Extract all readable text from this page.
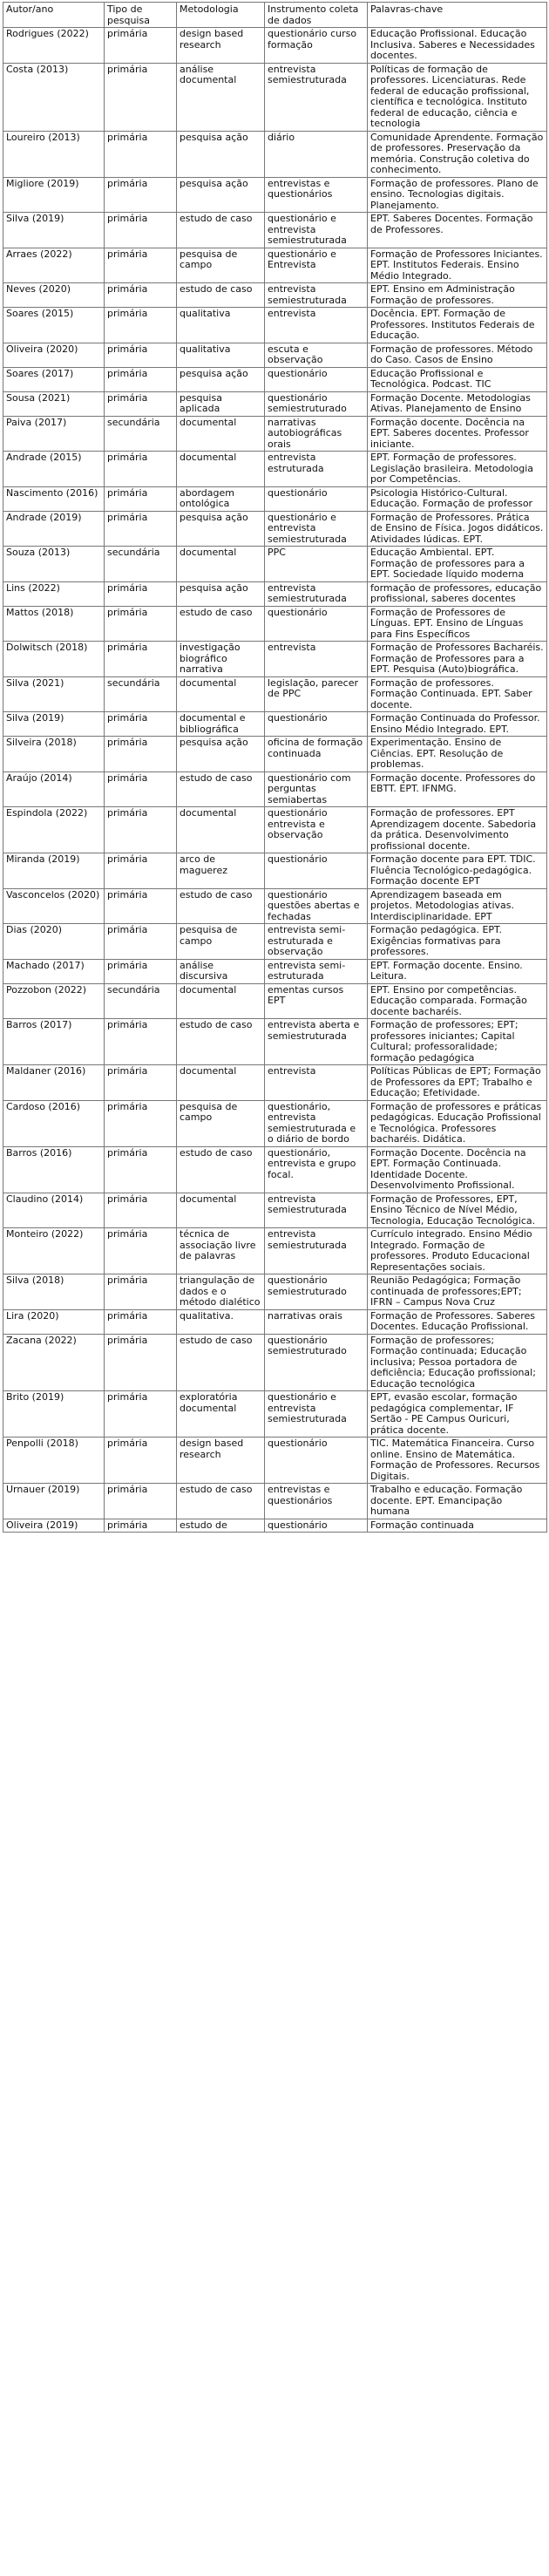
Autor/ano	Tipo de pesquisa	Metodologia	Instrumento coleta de dados	Palavras-chave
Rodrigues (2022)	primária	design based research	questionário curso formação	Educação Profissional. Educação Inclusiva. Saberes e Necessidades docentes.
Costa (2013)	primária	análise documental	entrevista semiestruturada	Políticas de formação de professores. Licenciaturas. Rede federal de educação profissional, científica e tecnológica. Instituto federal de educação, ciência e tecnologia
Loureiro (2013)	primária	pesquisa ação	diário	Comunidade Aprendente. Formação de professores. Preservação da memória. Construção coletiva do conhecimento.
Migliore (2019)	primária	pesquisa ação	entrevistas e questionários	Formação de professores. Plano de ensino. Tecnologias digitais. Planejamento.
Silva (2019)	primária	estudo de caso	questionário e entrevista semiestruturada	EPT. Saberes Docentes. Formação de Professores.
Arraes (2022)	primária	pesquisa de campo	questionário e Entrevista	Formação de Professores Iniciantes. EPT. Institutos Federais. Ensino Médio Integrado.
Neves (2020)	primária	estudo de caso	entrevista semiestruturada	EPT. Ensino em Administração Formação de professores.
Soares (2015)	primária	qualitativa	entrevista	Docência. EPT. Formação de Professores. Institutos Federais de Educação.
Oliveira (2020)	primária	qualitativa	escuta e observação	Formação de professores. Método do Caso. Casos de Ensino
Soares (2017)	primária	pesquisa ação	questionário	Educação Profissional e Tecnológica. Podcast. TIC
Sousa (2021)	primária	pesquisa aplicada	questionário semiestruturado	Formação Docente. Metodologias Ativas. Planejamento de Ensino
Paiva (2017)	secundária	documental	narrativas autobiográficas orais	Formação docente. Docência na EPT. Saberes docentes. Professor iniciante.
Andrade (2015)	primária	documental	entrevista estruturada	EPT. Formação de professores. Legislação brasileira. Metodologia por Competências.
Nascimento (2016)	primária	abordagem ontológica	questionário	Psicologia Histórico-Cultural. Educação. Formação de professor
Andrade (2019)	primária	pesquisa ação	questionário e entrevista semiestruturada	Formação de Professores. Prática de Ensino de Física. Jogos didáticos. Atividades lúdicas. EPT.
Souza (2013)	secundária	documental	PPC	Educação Ambiental. EPT. Formação de professores para a EPT. Sociedade líquido moderna
Lins (2022)	primária	pesquisa ação	entrevista semiestruturada	formação de professores, educação profissional, saberes docentes
Mattos (2018)	primária	estudo de caso	questionário	Formação de Professores de Línguas. EPT. Ensino de Línguas para Fins Específicos
Dolwitsch (2018)	primária	investigação biográfico narrativa	entrevista	Formação de Professores Bacharéis. Formação de Professores para a EPT. Pesquisa (Auto)biográfica.
Silva (2021)	secundária	documental	legislação, parecer de PPC	Formação de professores. Formação Continuada. EPT. Saber docente.
Silva (2019)	primária	documental e bibliográfica	questionário	Formação Continuada do Professor. Ensino Médio Integrado. EPT.
Silveira (2018)	primária	pesquisa ação	oficina de formação continuada	Experimentação. Ensino de Ciências. EPT. Resolução de problemas.
Araújo (2014)	primária	estudo de caso	questionário com perguntas semiabertas	Formação docente. Professores do EBTT. EPT. IFNMG.
Espindola (2022)	primária	documental	questionário entrevista e observação	Formação de professores. EPT Aprendizagem docente. Sabedoria da prática. Desenvolvimento profissional docente.
Miranda (2019)	primária	arco de maguerez	questionário	Formação docente para EPT. TDIC. Fluência Tecnológico-pedagógica. Formação docente EPT
Vasconcelos (2020)	primária	estudo de caso	questionário questões abertas e fechadas	Aprendizagem baseada em projetos. Metodologias ativas. Interdisciplinaridade. EPT
Dias (2020)	primária	pesquisa de campo	entrevista semi-estruturada e observação	Formação pedagógica. EPT. Exigências formativas para professores.
Machado (2017)	primária	análise discursiva	entrevista semi-estruturada	EPT. Formação docente. Ensino. Leitura.
Pozzobon (2022)	secundária	documental	ementas cursos EPT	EPT. Ensino por competências. Educação comparada. Formação docente bacharéis.
Barros (2017)	primária	estudo de caso	entrevista aberta e semiestruturada	Formação de professores; EPT; professores iniciantes; Capital Cultural; professoralidade; formação pedagógica
Maldaner (2016)	primária	documental	entrevista	Políticas Públicas de EPT; Formação de Professores da EPT; Trabalho e Educação; Efetividade.
Cardoso (2016)	primária	pesquisa de campo	questionário, entrevista semiestruturada e o diário de bordo	Formação de professores e práticas pedagógicas. Educação Profissional e Tecnológica. Professores bacharéis. Didática.
Barros (2016)	primária	estudo de caso	questionário, entrevista e grupo focal.	Formação Docente. Docência na EPT. Formação Continuada. Identidade Docente. Desenvolvimento Profissional.
Claudino (2014)	primária	documental	entrevista semiestruturada	Formação de Professores, EPT, Ensino Técnico de Nível Médio, Tecnologia, Educação Tecnológica.
Monteiro (2022)	primária	técnica de associação livre de palavras	entrevista semiestruturada	Currículo integrado. Ensino Médio Integrado. Formação de professores. Produto Educacional Representações sociais.
Silva (2018)	primária	triangulação de dados e o método dialético	questionário semiestruturado	Reunião Pedagógica; Formação continuada de professores;EPT; IFRN – Campus Nova Cruz
Lira (2020)	primária	qualitativa.	narrativas orais	Formação de Professores. Saberes Docentes. Educação Profissional.
Zacana (2022)	primária	estudo de caso	questionário semiestruturado	Formação de professores; Formação continuada; Educação inclusiva; Pessoa portadora de deficiência; Educação profissional; Educação tecnológica
Brito (2019)	primária	exploratória documental	questionário e entrevista semiestruturada	EPT, evasão escolar, formação pedagógica complementar, IF Sertão - PE Campus Ouricuri, prática docente.
Penpolli (2018)	primária	design based research	questionário	TIC. Matemática Financeira. Curso online. Ensino de Matemática. Formação de Professores. Recursos Digitais.
Urnauer (2019)	primária	estudo de caso	entrevistas e questionários	Trabalho e educação. Formação docente. EPT. Emancipação humana
Oliveira (2019)	primária	estudo de	questionário	Formação continuada
